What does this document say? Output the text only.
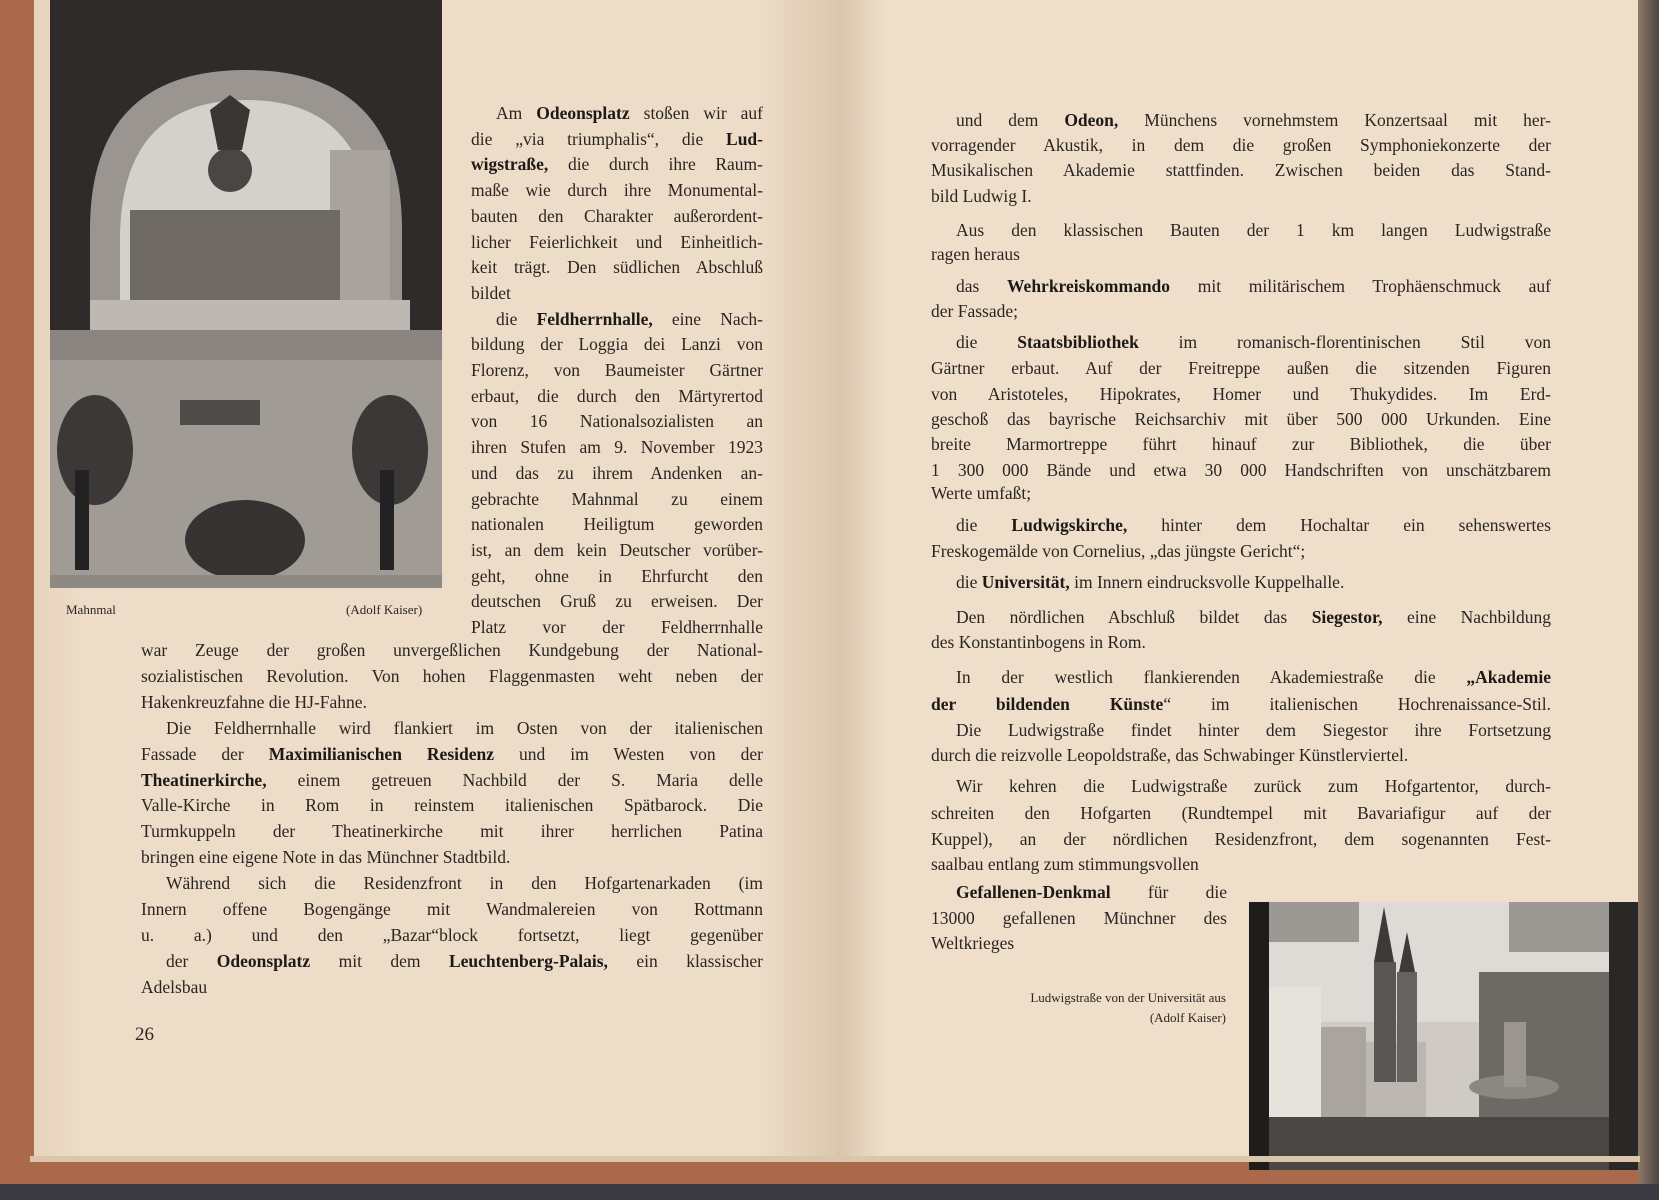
Mahnmal	(Adolf Kaiser)
Am Odeonsplatz stoßen wir auf
die „via triumphalis“, die Lud-
wigstraße, die durch ihre Raum-
maße wie durch ihre Monumental-
bauten den Charakter außerordent-
licher Feierlichkeit und Einheitlich-
keit trägt. Den südlichen Abschluß
bildet
die Feldherrnhalle, eine Nach-
bildung der Loggia dei Lanzi von
Florenz, von Baumeister Gärtner
erbaut, die durch den Märtyrertod
von 16 Nationalsozialisten an
ihren Stufen am 9. November 1923
und das zu ihrem Andenken an-
gebrachte Mahnmal zu einem
nationalen Heiligtum geworden
ist, an dem kein Deutscher vorüber-
geht, ohne in Ehrfurcht den
deutschen Gruß zu erweisen. Der
Platz vor der Feldherrnhalle
war Zeuge der großen unvergeßlichen Kundgebung der National-
sozialistischen Revolution. Von hohen Flaggenmasten weht neben der
Hakenkreuzfahne die HJ-Fahne.
Die Feldherrnhalle wird flankiert im Osten von der italienischen
Fassade der Maximilianischen Residenz und im Westen von der
Theatinerkirche, einem getreuen Nachbild der S. Maria delle
Valle-Kirche in Rom in reinstem italienischen Spätbarock. Die
Turmkuppeln der Theatinerkirche mit ihrer herrlichen Patina
bringen eine eigene Note in das Münchner Stadtbild.
Während sich die Residenzfront in den Hofgartenarkaden (im
Innern offene Bogengänge mit Wandmalereien von Rottmann
u. a.) und den „Bazar“block fortsetzt, liegt gegenüber
der Odeonsplatz mit dem Leuchtenberg-Palais, ein klassischer
Adelsbau
26
und dem Odeon, Münchens vornehmstem Konzertsaal mit her-
vorragender Akustik, in dem die großen Symphoniekonzerte der
Musikalischen Akademie stattfinden. Zwischen beiden das Stand-
bild Ludwig I.
Aus den klassischen Bauten der 1 km langen Ludwigstraße
ragen heraus
das Wehrkreiskommando mit militärischem Trophäenschmuck auf
der Fassade;
die Staatsbibliothek im romanisch-florentinischen Stil von
Gärtner erbaut. Auf der Freitreppe außen die sitzenden Figuren
von Aristoteles, Hipokrates, Homer und Thukydides. Im Erd-
geschoß das bayrische Reichsarchiv mit über 500 000 Urkunden. Eine
breite Marmortreppe führt hinauf zur Bibliothek, die über
1 300 000 Bände und etwa 30 000 Handschriften von unschätzbarem
Werte umfaßt;
die Ludwigskirche, hinter dem Hochaltar ein sehenswertes
Freskogemälde von Cornelius, „das jüngste Gericht“;
die Universität, im Innern eindrucksvolle Kuppelhalle.
Den nördlichen Abschluß bildet das Siegestor, eine Nachbildung
des Konstantinbogens in Rom.
In der westlich flankierenden Akademiestraße die „Akademie
der bildenden Künste“ im italienischen Hochrenaissance-Stil.
Die Ludwigstraße findet hinter dem Siegestor ihre Fortsetzung
durch die reizvolle Leopoldstraße, das Schwabinger Künstlerviertel.
Wir kehren die Ludwigstraße zurück zum Hofgartentor, durch-
schreiten den Hofgarten (Rundtempel mit Bavariafigur auf der
Kuppel), an der nördlichen Residenzfront, dem sogenannten Fest-
saalbau entlang zum stimmungsvollen
Gefallenen-Denkmal für die
13000 gefallenen Münchner des
Weltkrieges
Ludwigstraße von der Universität aus
(Adolf Kaiser)
